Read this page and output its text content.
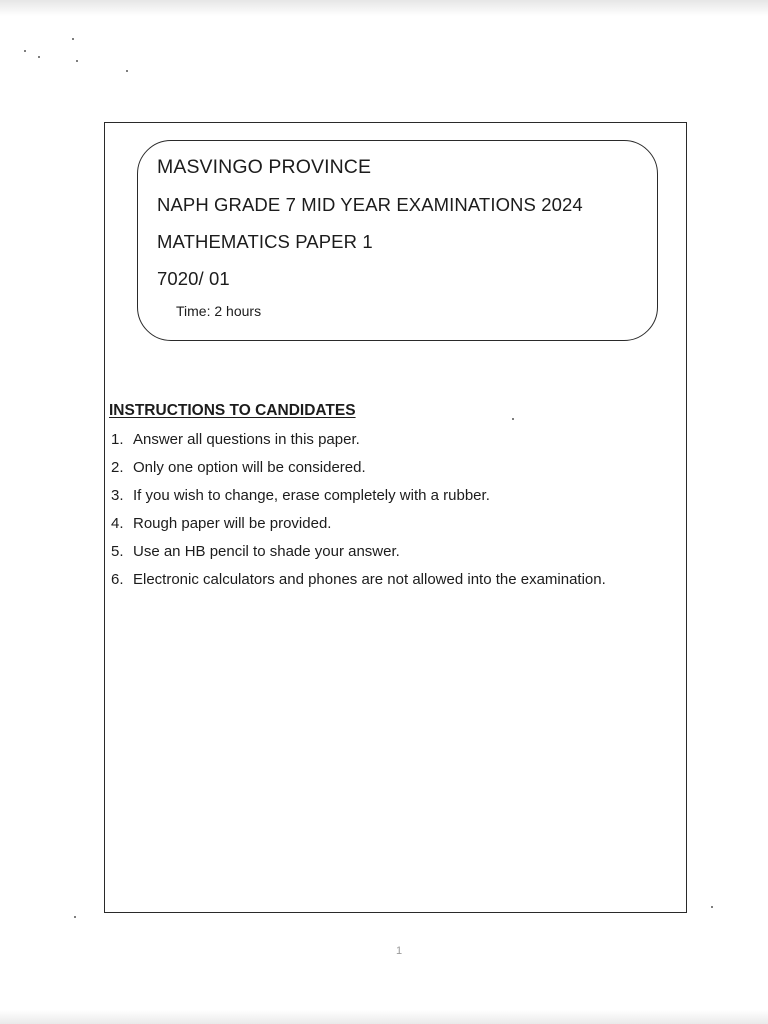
MASVINGO PROVINCE
NAPH GRADE 7 MID YEAR EXAMINATIONS 2024
MATHEMATICS PAPER 1
7020/ 01
Time: 2 hours
INSTRUCTIONS TO CANDIDATES
1. Answer all questions in this paper.
2. Only one option will be considered.
3. If you wish to change, erase completely with a rubber.
4. Rough paper will be provided.
5. Use an HB pencil to shade your answer.
6. Electronic calculators and phones are not allowed into the examination.
1
